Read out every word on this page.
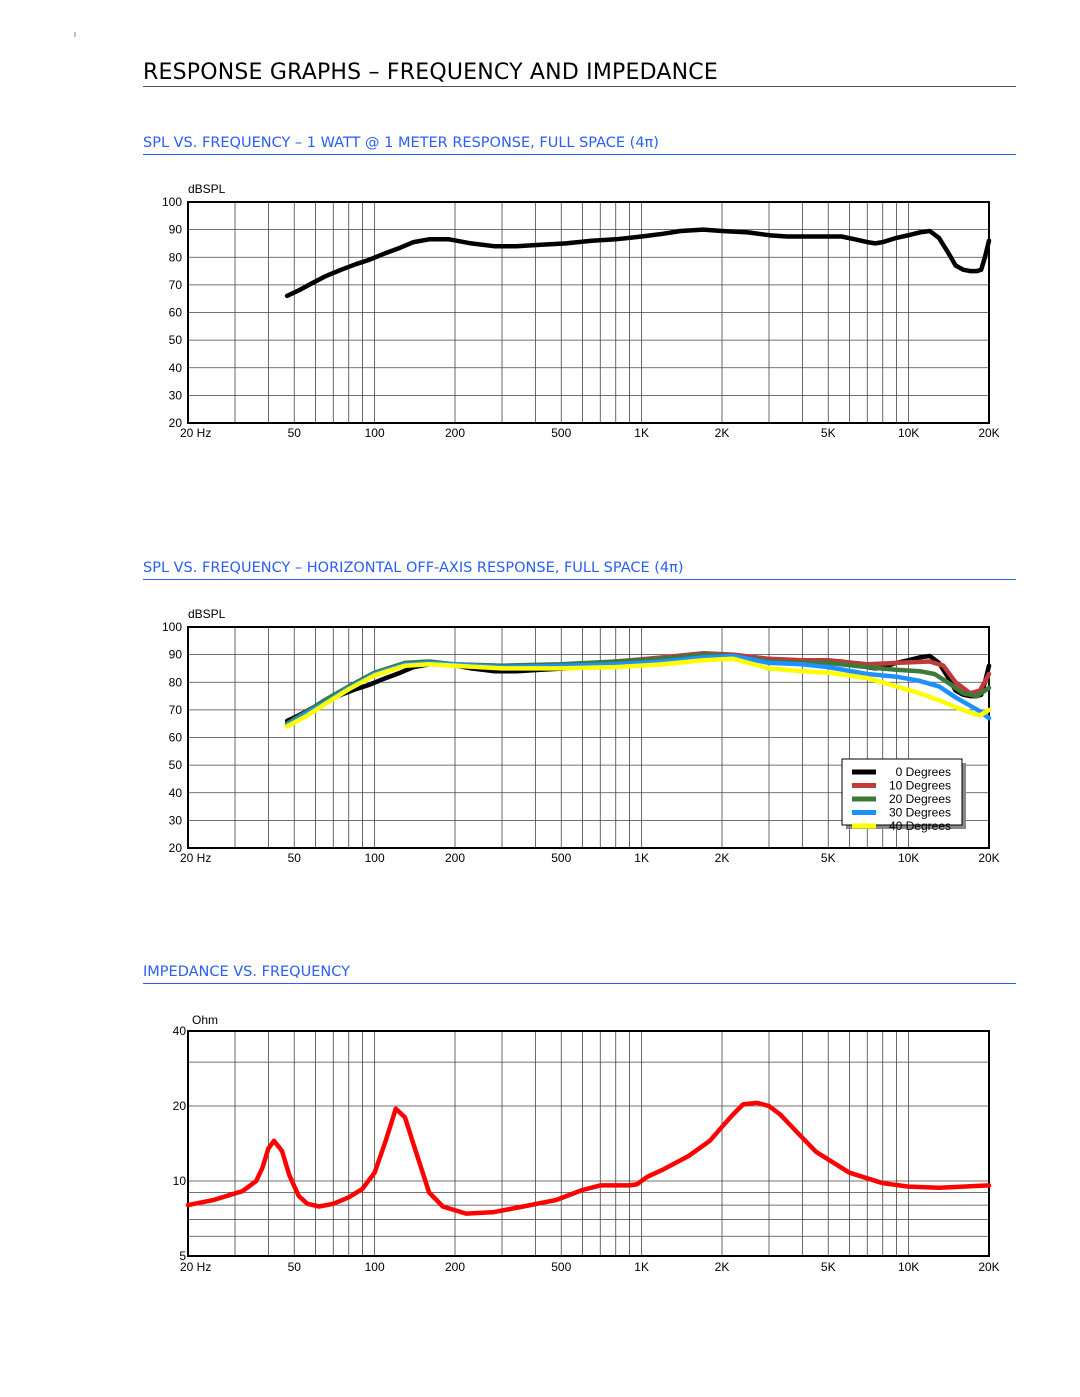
I
RESPONSE GRAPHS – FREQUENCY AND IMPEDANCE
SPL VS. FREQUENCY – 1 WATT @ 1 METER RESPONSE, FULL SPACE (4π)
20
30
40
50
60
70
80
90
100
dBSPL
20 Hz	50	100	200	500	1K	2K	5K	10K	20K
SPL VS. FREQUENCY – HORIZONTAL OFF-AXIS RESPONSE, FULL SPACE (4π)
20
30
40
50
60
70
80
90
100
dBSPL
20 Hz	50	100	200	500	1K	2K	5K	10K	20K
0 Degrees
10 Degrees
20 Degrees
30 Degrees
40 Degrees
IMPEDANCE VS. FREQUENCY
5
10
20
40
Ohm
20 Hz	50	100	200	500	1K	2K	5K	10K	20K
